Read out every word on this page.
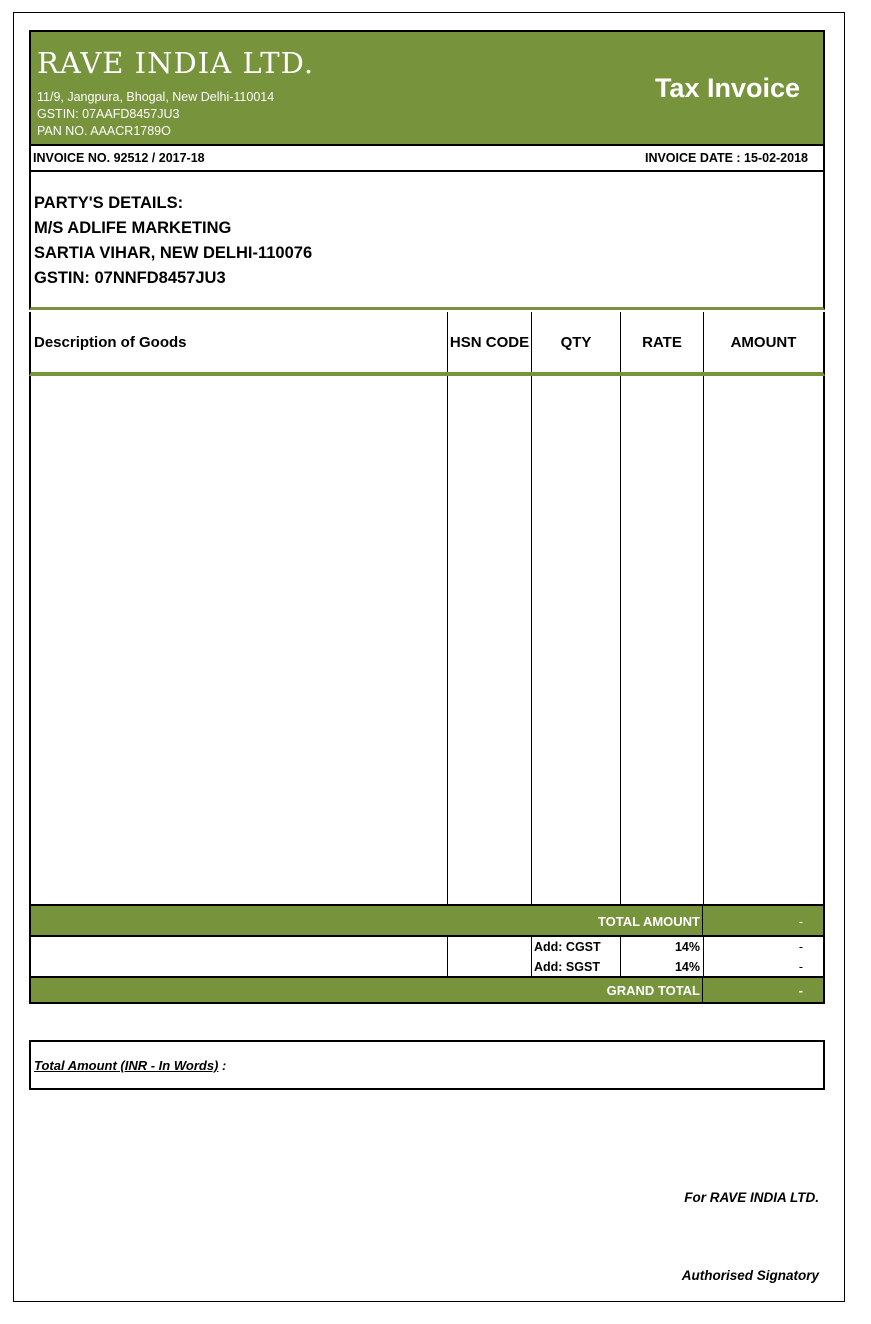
RAVE INDIA LTD.
11/9, Jangpura, Bhogal, New Delhi-110014
GSTIN: 07AAFD8457JU3
PAN NO. AAACR1789O
Tax Invoice
INVOICE NO. 92512 / 2017-18	INVOICE DATE : 15-02-2018
PARTY'S DETAILS:
M/S ADLIFE MARKETING
SARTIA VIHAR, NEW DELHI-110076
GSTIN: 07NNFD8457JU3
Description of Goods	HSN CODE	QTY	RATE	AMOUNT
TOTAL AMOUNT	-
Add: CGST	14%	-
Add: SGST	14%	-
GRAND TOTAL	-
Total Amount (INR - In Words) :
For RAVE INDIA LTD.
Authorised Signatory
